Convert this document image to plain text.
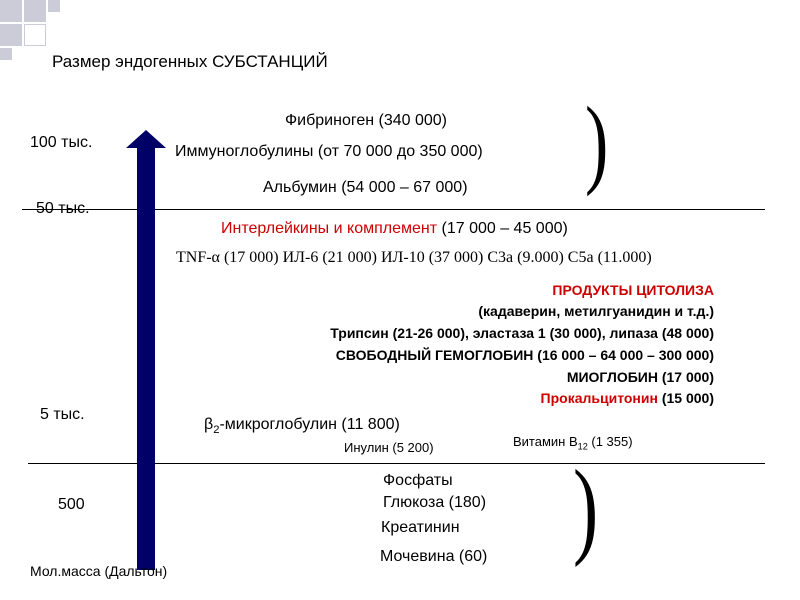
Размер эндогенных СУБСТАНЦИЙ
100 тыс.
50 тыс.
5 тыс.
500
Мол.масса (Дальтон)
Фибриноген (340 000)
Иммуноглобулины (от 70 000 до 350 000)
Альбумин (54 000 – 67 000) )
Интерлейкины и комплемент (17 000 – 45 000)
TNF-α (17 000) ИЛ-6 (21 000) ИЛ-10 (37 000) С3а (9.000) С5а (11.000)
ПРОДУКТЫ ЦИТОЛИЗА
(кадаверин, метилгуанидин и т.д.)
Трипсин (21-26 000), эластаза 1 (30 000), липаза (48 000)
СВОБОДНЫЙ ГЕМОГЛОБИН (16 000 – 64 000 – 300 000)
МИОГЛОБИН (17 000)
Прокальцитонин (15 000)
$\beta_2$-микроглобулин (11 800)
Инулин (5 200)	Витамин $В_{12}$ (1 355)
Фосфаты
Глюкоза (180)
Креатинин
Мочевина (60) )
